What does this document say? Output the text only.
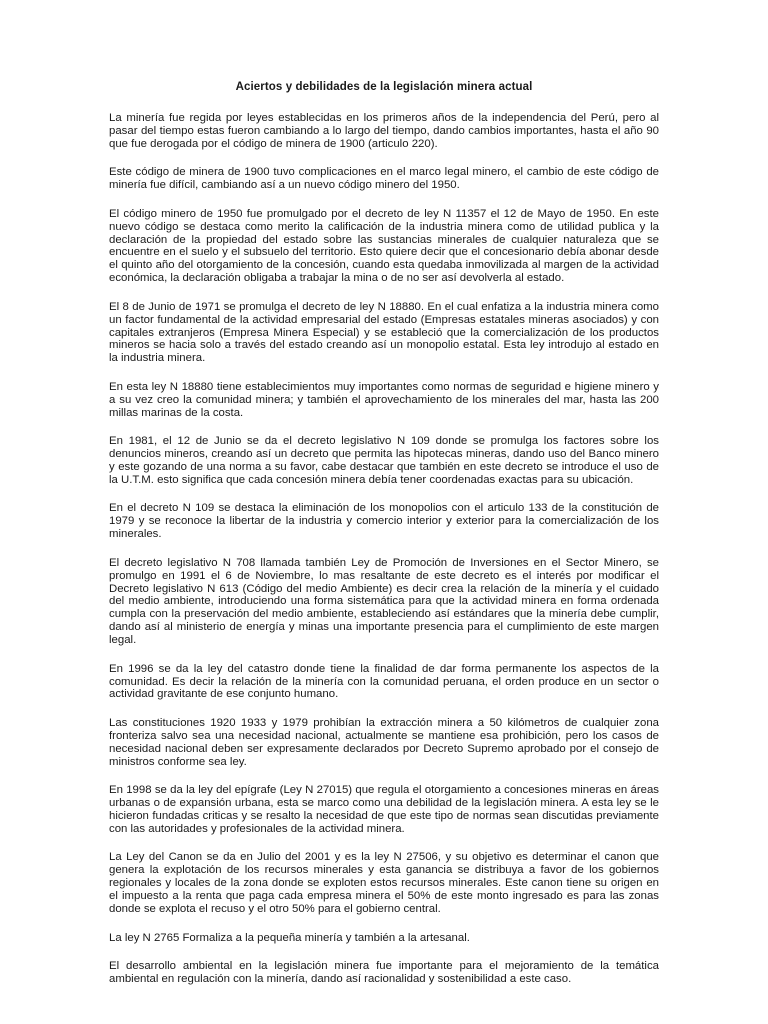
Aciertos y debilidades de la legislación minera actual

La minería fue regida por leyes establecidas en los primeros años de la independencia del Perú, pero al pasar del tiempo estas fueron cambiando a lo largo del tiempo, dando cambios importantes, hasta el año 90 que fue derogada por el código de minera de 1900 (articulo 220).

Este código de minera de 1900 tuvo complicaciones en el marco legal minero, el cambio de este código de minería fue difícil, cambiando así a un nuevo código minero del 1950.

El código minero de 1950 fue promulgado por el decreto de ley N 11357 el 12 de Mayo de 1950. En este nuevo código se destaca como merito la calificación de la industria minera como de utilidad publica y la declaración de la propiedad del estado sobre las sustancias minerales de cualquier naturaleza que se encuentre en el suelo y el subsuelo del territorio. Esto quiere decir que el concesionario debía abonar desde el quinto año del otorgamiento de la concesión, cuando esta quedaba inmovilizada al margen de la actividad económica, la declaración obligaba a trabajar la mina o de no ser así devolverla al estado.

El 8 de Junio de 1971 se promulga el decreto de ley N 18880. En el cual enfatiza a la industria minera como un factor fundamental de la actividad empresarial del estado (Empresas estatales mineras asociados) y con capitales extranjeros (Empresa Minera Especial) y se estableció que la comercialización de los productos mineros se hacia solo a través del estado creando así un monopolio estatal. Esta ley introdujo al estado en la industria minera.

En esta ley N 18880 tiene establecimientos muy importantes como normas de seguridad e higiene minero y a su vez creo la comunidad minera; y también el aprovechamiento de los minerales del mar, hasta las 200 millas marinas de la costa.

En 1981, el 12 de Junio se da el decreto legislativo N 109 donde se promulga los factores sobre los denuncios mineros, creando así un decreto que permita las hipotecas mineras, dando uso del Banco minero y este gozando de una norma a su favor, cabe destacar que también en este decreto se introduce el uso de la U.T.M. esto significa que cada concesión minera debía tener coordenadas exactas para su ubicación.

En el decreto N 109 se destaca la eliminación de los monopolios con el articulo 133 de la constitución de 1979 y se reconoce la libertar de la industria y comercio interior y exterior para la comercialización de los minerales.

El decreto legislativo N 708 llamada también Ley de Promoción de Inversiones en el Sector Minero, se promulgo en 1991 el 6 de Noviembre, lo mas resaltante de este decreto es el interés por modificar el Decreto legislativo N 613 (Código del medio Ambiente) es decir crea la relación de la minería y el cuidado del medio ambiente, introduciendo una forma sistemática para que la actividad minera en forma ordenada cumpla con la preservación del medio ambiente, estableciendo así estándares que la minería debe cumplir, dando así al ministerio de energía y minas una importante presencia para el cumplimiento de este margen legal.

En 1996 se da la ley del catastro donde tiene la finalidad de dar forma permanente los aspectos de la comunidad. Es decir la relación de la minería con la comunidad peruana, el orden produce en un sector o actividad gravitante de ese conjunto humano.

Las constituciones 1920 1933 y 1979 prohibían la extracción minera a 50 kilómetros de cualquier zona fronteriza salvo sea una necesidad nacional, actualmente se mantiene esa prohibición, pero los casos de necesidad nacional deben ser expresamente declarados por Decreto Supremo aprobado por el consejo de ministros conforme sea ley.

En 1998 se da la ley del epígrafe (Ley N 27015) que regula el otorgamiento a concesiones mineras en áreas urbanas o de expansión urbana, esta se marco como una debilidad de la legislación minera. A esta ley se le hicieron fundadas criticas y se resalto la necesidad de que este tipo de normas sean discutidas previamente con las autoridades y profesionales de la actividad minera.

La Ley del Canon se da en Julio del 2001 y es la ley N 27506, y su objetivo es determinar el canon que genera la explotación de los recursos minerales y esta ganancia se distribuya a favor de los gobiernos regionales y locales de la zona donde se exploten estos recursos minerales. Este canon tiene su origen en el impuesto a la renta que paga cada empresa minera el 50% de este monto ingresado es para las zonas donde se explota el recuso y el otro 50% para el gobierno central.

La ley N 2765 Formaliza a la pequeña minería y también a la artesanal.

El desarrollo ambiental en la legislación minera fue importante para el mejoramiento de la temática ambiental en regulación con la minería, dando así racionalidad y sostenibilidad a este caso.
